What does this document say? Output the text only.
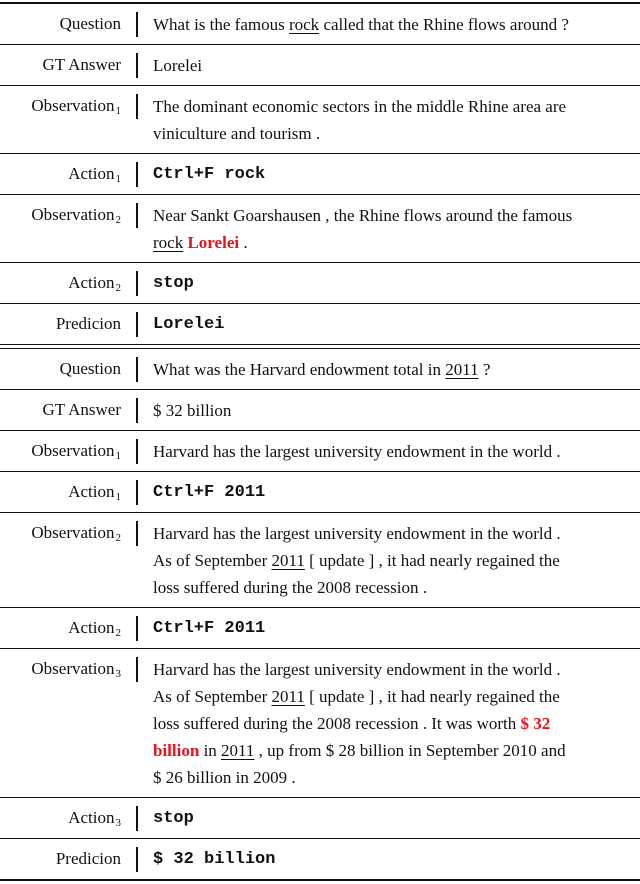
Question What is the famous rock called that the Rhine flows around ?
GT Answer Lorelei
Observation$_1$ The dominant economic sectors in the middle Rhine area are
viniculture and tourism .
Action$_1$ Ctrl+F rock
Observation$_2$ Near Sankt Goarshausen , the Rhine flows around the famous
rock Lorelei .
Action$_2$ stop
Predicion Lorelei
Question What was the Harvard endowment total in 2011 ?
GT Answer $ 32 billion
Observation$_1$ Harvard has the largest university endowment in the world .
Action$_1$ Ctrl+F 2011
Observation$_2$ Harvard has the largest university endowment in the world .
As of September 2011 [ update ] , it had nearly regained the
loss suffered during the 2008 recession .
Action$_2$ Ctrl+F 2011
Observation$_3$ Harvard has the largest university endowment in the world .
As of September 2011 [ update ] , it had nearly regained the
loss suffered during the 2008 recession . It was worth $ 32
billion in 2011 , up from $ 28 billion in September 2010 and
$ 26 billion in 2009 .
Action$_3$ stop
Predicion $ 32 billion
